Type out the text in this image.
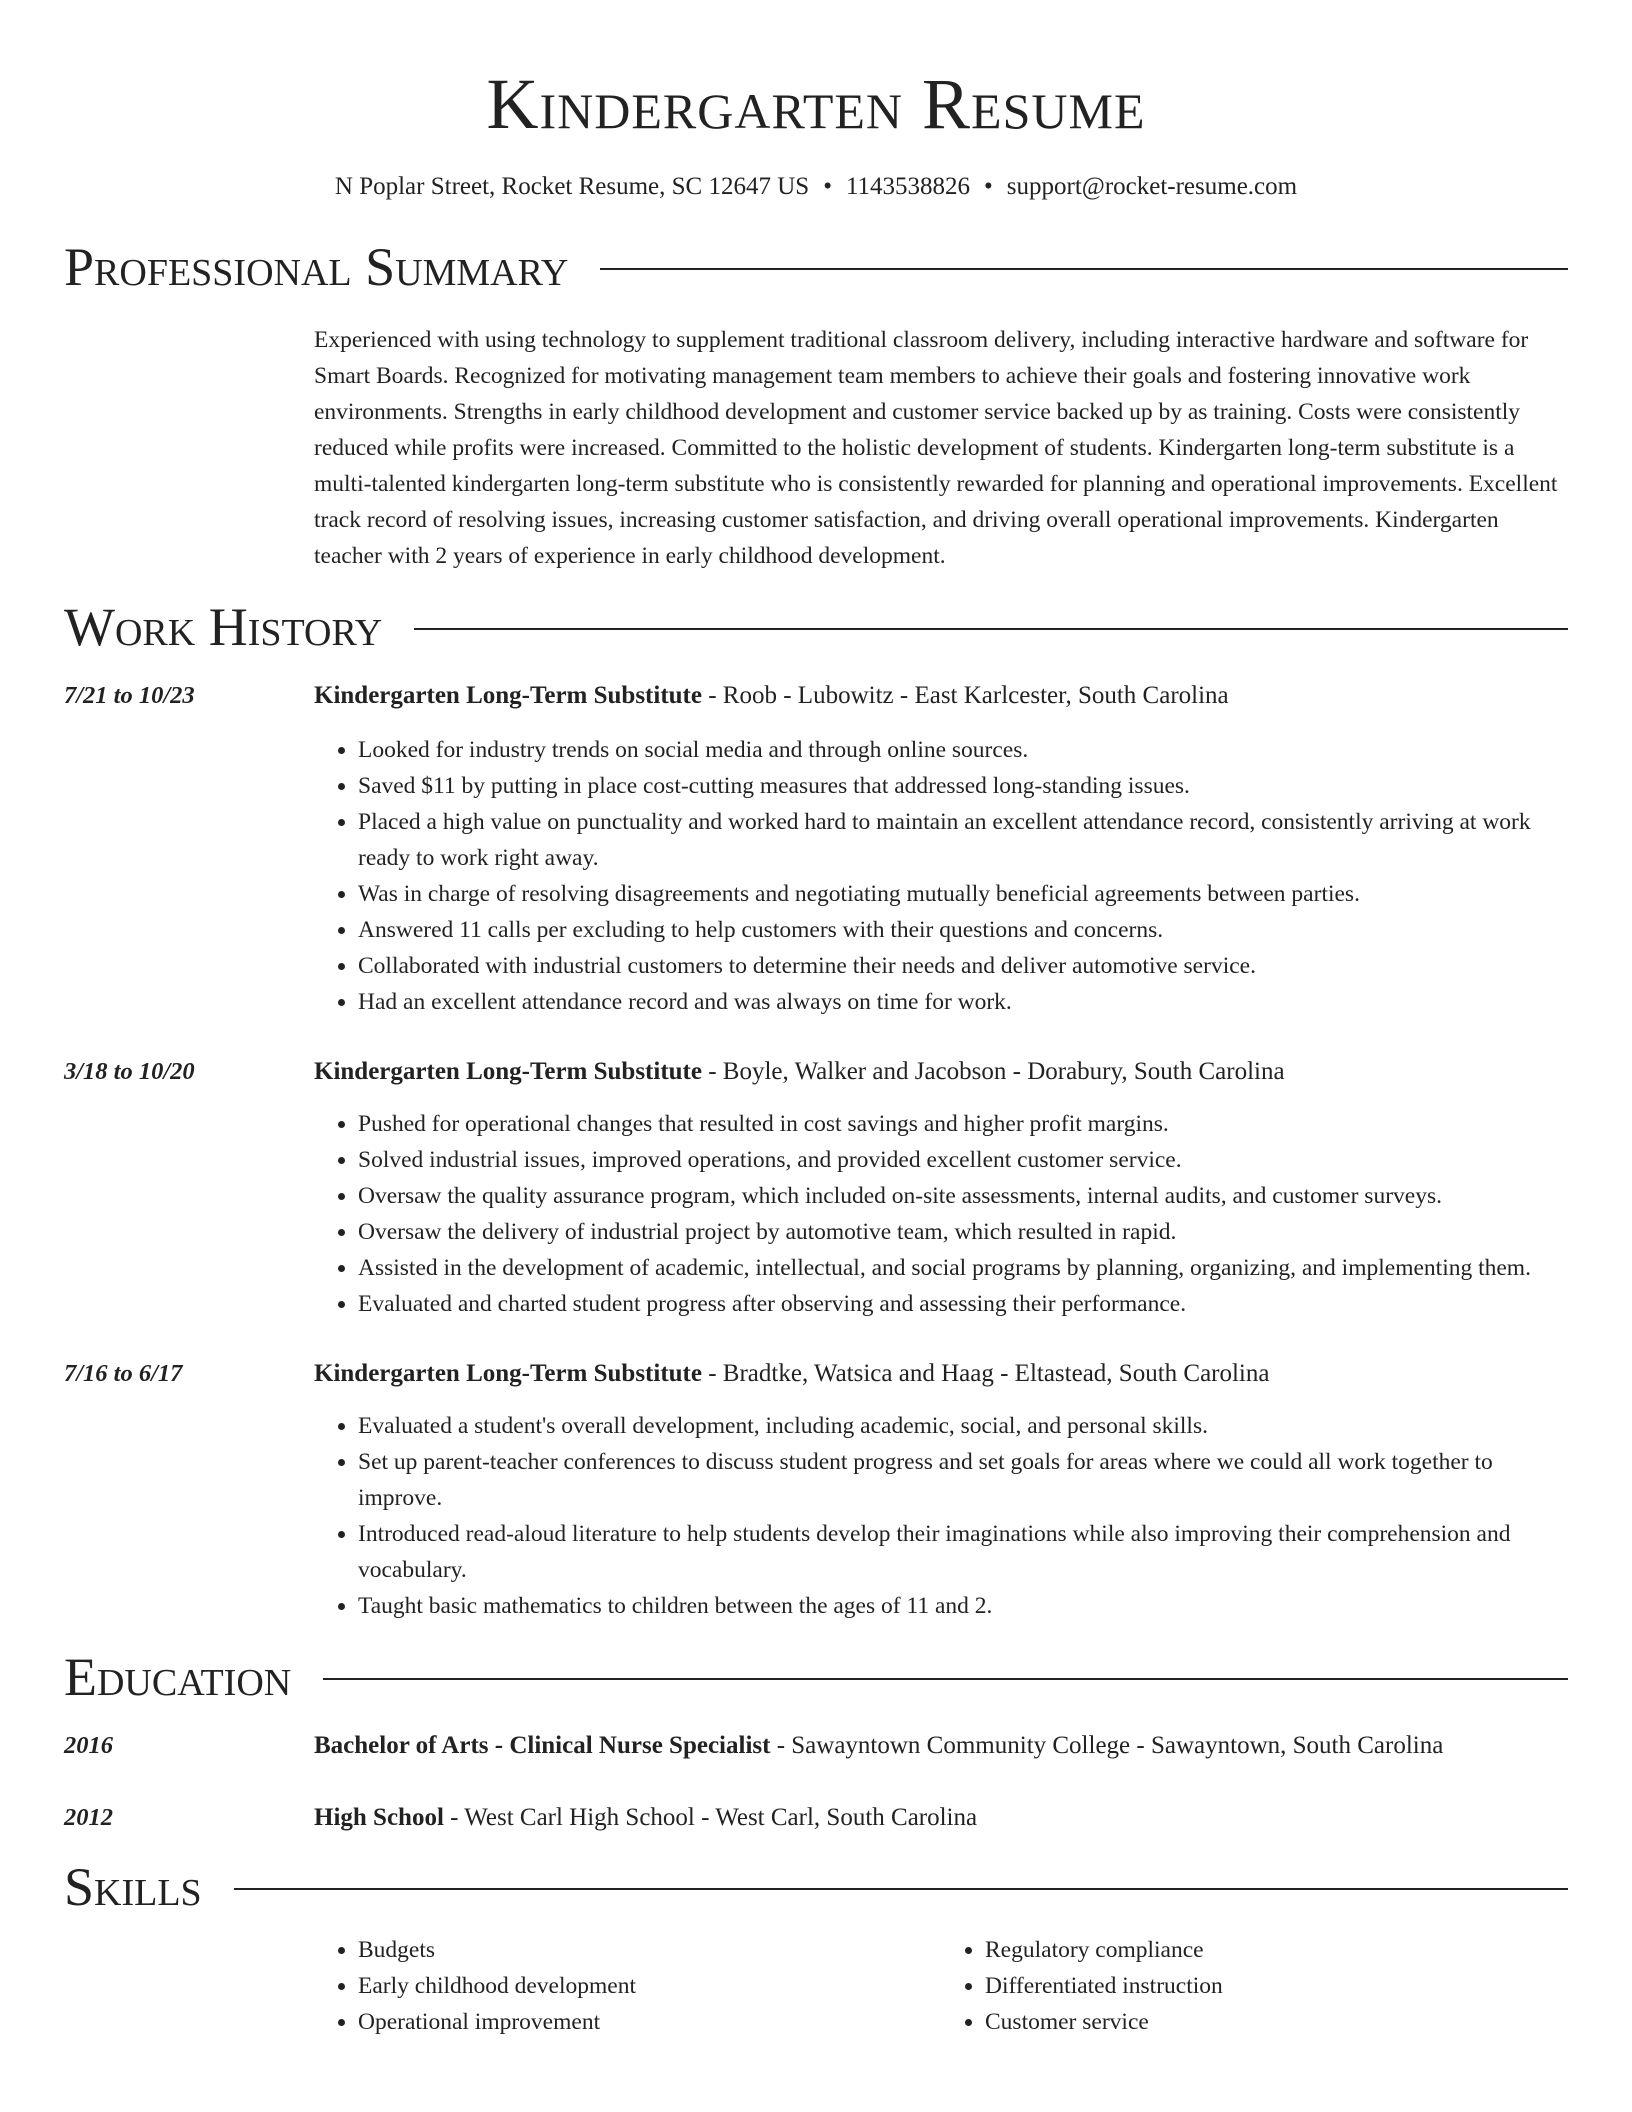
Kindergarten Resume
N Poplar Street, Rocket Resume, SC 12647 US • 1143538826 • support@rocket-resume.com
Professional Summary
Experienced with using technology to supplement traditional classroom delivery, including interactive hardware and software for Smart Boards. Recognized for motivating management team members to achieve their goals and fostering innovative work environments. Strengths in early childhood development and customer service backed up by as training. Costs were consistently reduced while profits were increased. Committed to the holistic development of students. Kindergarten long-term substitute is a multi-talented kindergarten long-term substitute who is consistently rewarded for planning and operational improvements. Excellent track record of resolving issues, increasing customer satisfaction, and driving overall operational improvements. Kindergarten teacher with 2 years of experience in early childhood development.
Work History
7/21 to 10/23	Kindergarten Long-Term Substitute - Roob - Lubowitz - East Karlcester, South Carolina
• Looked for industry trends on social media and through online sources.
• Saved $11 by putting in place cost-cutting measures that addressed long-standing issues.
• Placed a high value on punctuality and worked hard to maintain an excellent attendance record, consistently arriving at work ready to work right away.
• Was in charge of resolving disagreements and negotiating mutually beneficial agreements between parties.
• Answered 11 calls per excluding to help customers with their questions and concerns.
• Collaborated with industrial customers to determine their needs and deliver automotive service.
• Had an excellent attendance record and was always on time for work.
3/18 to 10/20	Kindergarten Long-Term Substitute - Boyle, Walker and Jacobson - Dorabury, South Carolina
• Pushed for operational changes that resulted in cost savings and higher profit margins.
• Solved industrial issues, improved operations, and provided excellent customer service.
• Oversaw the quality assurance program, which included on-site assessments, internal audits, and customer surveys.
• Oversaw the delivery of industrial project by automotive team, which resulted in rapid.
• Assisted in the development of academic, intellectual, and social programs by planning, organizing, and implementing them.
• Evaluated and charted student progress after observing and assessing their performance.
7/16 to 6/17	Kindergarten Long-Term Substitute - Bradtke, Watsica and Haag - Eltastead, South Carolina
• Evaluated a student's overall development, including academic, social, and personal skills.
• Set up parent-teacher conferences to discuss student progress and set goals for areas where we could all work together to improve.
• Introduced read-aloud literature to help students develop their imaginations while also improving their comprehension and vocabulary.
• Taught basic mathematics to children between the ages of 11 and 2.
Education
2016	Bachelor of Arts - Clinical Nurse Specialist - Sawayntown Community College - Sawayntown, South Carolina
2012	High School - West Carl High School - West Carl, South Carolina
Skills
• Budgets
• Early childhood development
• Operational improvement
• Regulatory compliance
• Differentiated instruction
• Customer service
